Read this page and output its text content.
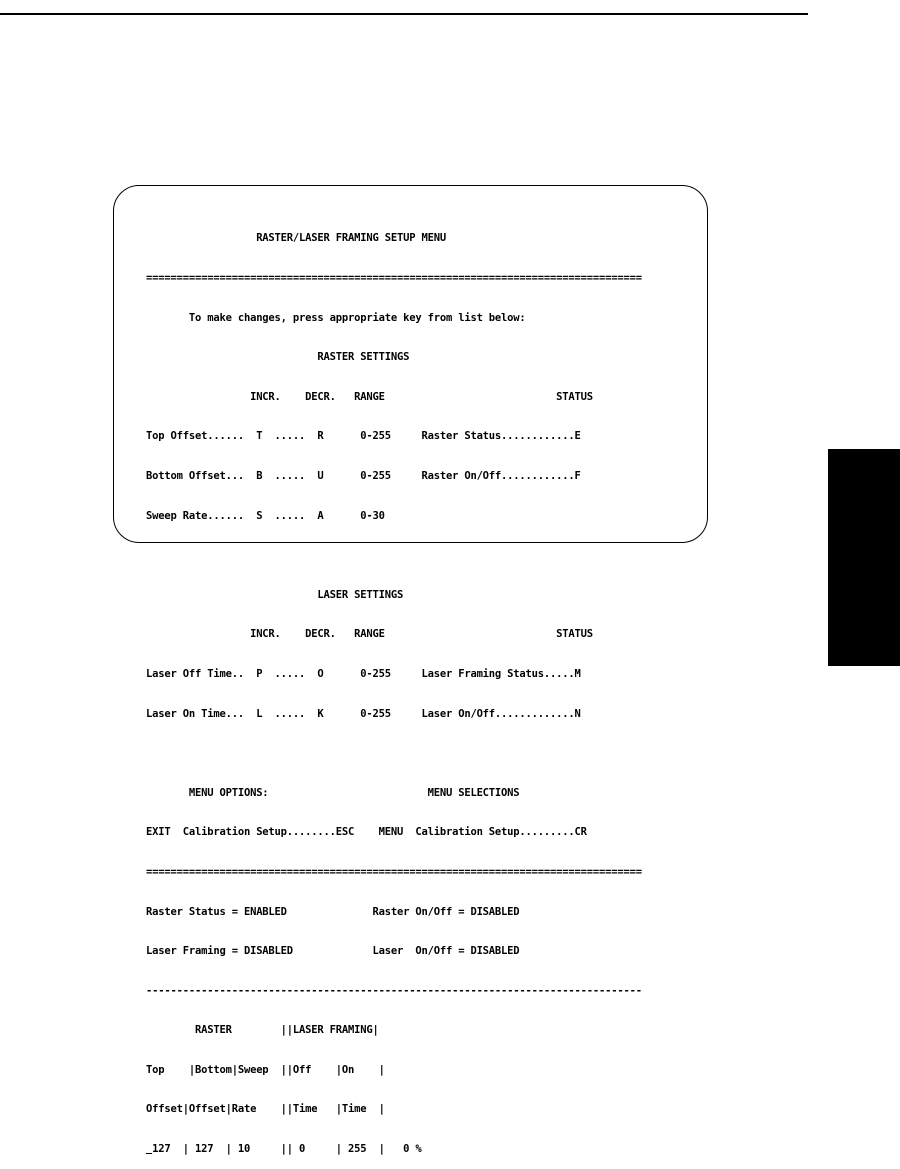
RASTER/LASER FRAMING SETUP MENU

=================================================================================

To make changes, press appropriate key from list below:

RASTER SETTINGS

INCR.    DECR.   RANGE                            STATUS

Top Offset......  T  .....  R      0-255     Raster Status............E

Bottom Offset...  B  .....  U      0-255     Raster On/Off............F

Sweep Rate......  S  .....  A      0-30

LASER SETTINGS

INCR.    DECR.   RANGE                            STATUS

Laser Off Time..  P  .....  O      0-255     Laser Framing Status.....M

Laser On Time...  L  .....  K      0-255     Laser On/Off.............N

MENU OPTIONS:                          MENU SELECTIONS

EXIT  Calibration Setup........ESC    MENU  Calibration Setup.........CR

=================================================================================

Raster Status = ENABLED              Raster On/Off = DISABLED

Laser Framing = DISABLED             Laser  On/Off = DISABLED

---------------------------------------------------------------------------------

RASTER        ||LASER FRAMING|

Top    |Bottom|Sweep  ||Off    |On    |

Offset|Offset|Rate    ||Time   |Time  |

127  | 127  | 10     || 0     | 255  |   0 %
